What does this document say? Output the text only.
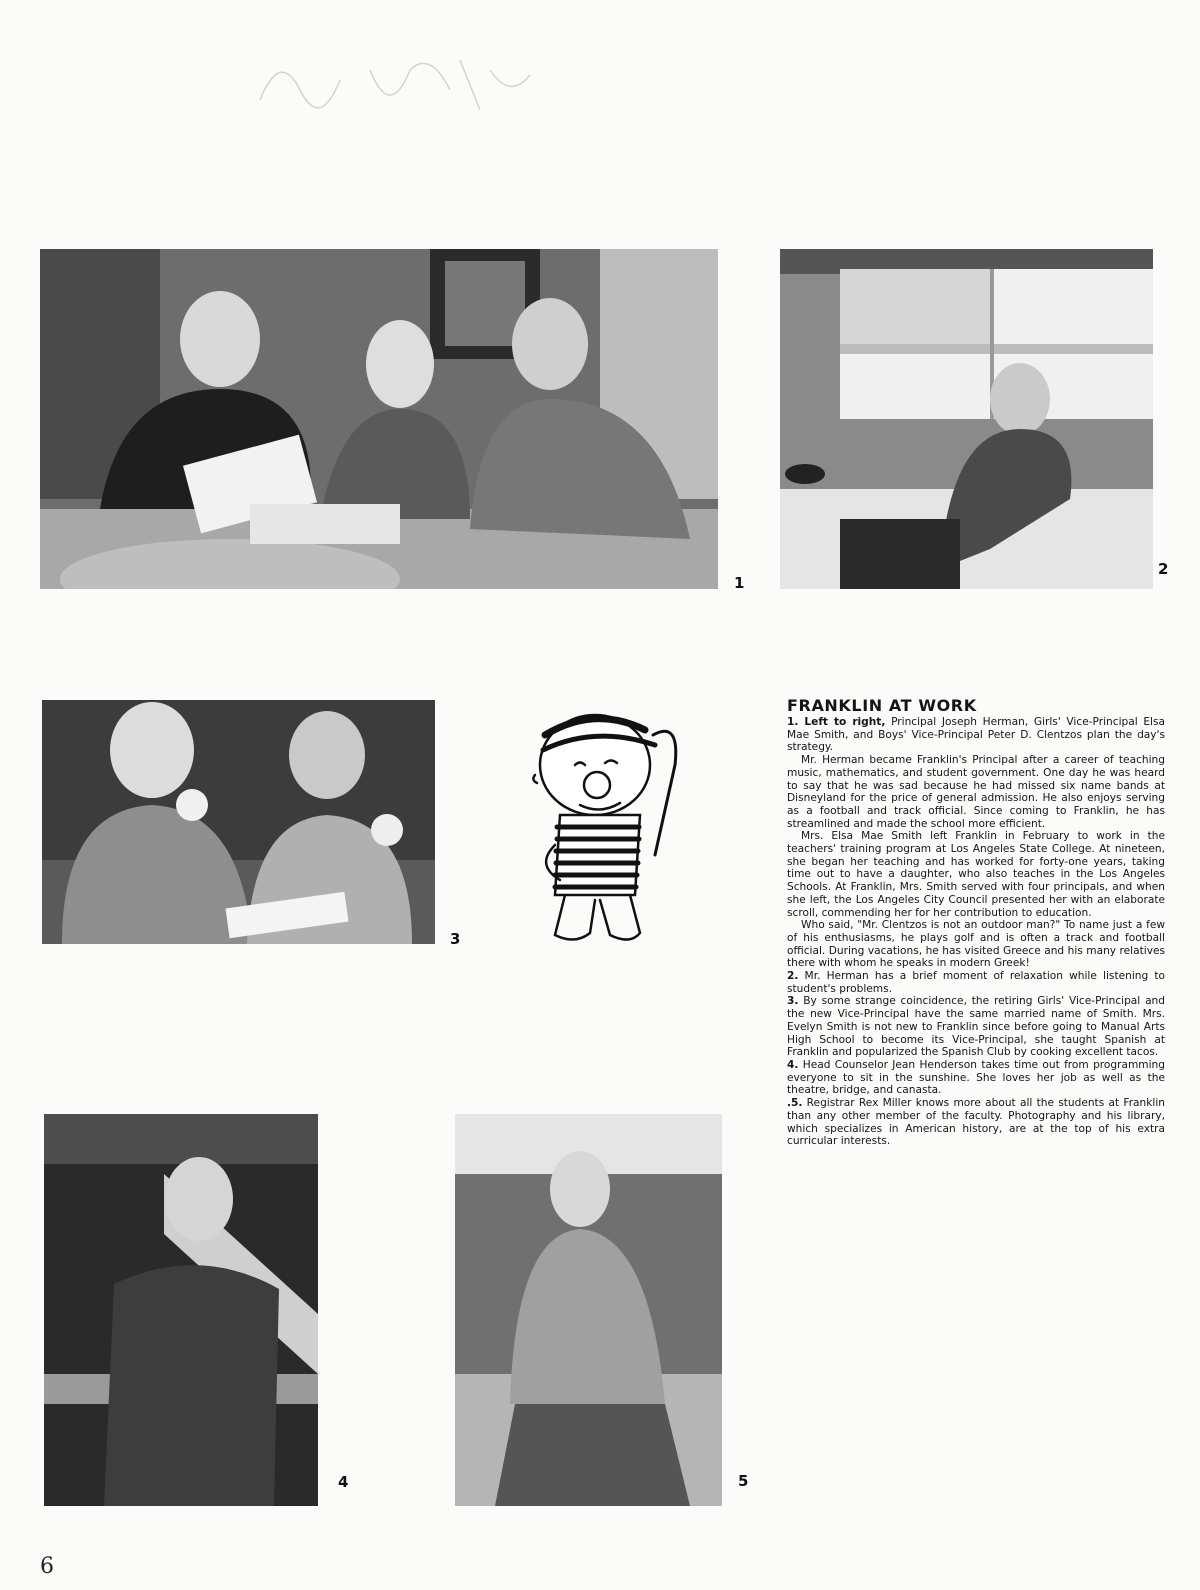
1
2
3
4	5
FRANKLIN AT WORK

1. Left to right, Principal Joseph Herman, Girls' Vice-Principal Elsa Mae Smith, and Boys' Vice-Principal Peter D. Clentzos plan the day's strategy.

Mr. Herman became Franklin's Principal after a career of teaching music, mathematics, and student government. One day he was heard to say that he was sad because he had missed six name bands at Disneyland for the price of general admission. He also enjoys serving as a football and track official. Since coming to Franklin, he has streamlined and made the school more efficient.

Mrs. Elsa Mae Smith left Franklin in February to work in the teachers' training program at Los Angeles State College. At nineteen, she began her teaching and has worked for forty-one years, taking time out to have a daughter, who also teaches in the Los Angeles Schools. At Franklin, Mrs. Smith served with four principals, and when she left, the Los Angeles City Council presented her with an elaborate scroll, commending her for her contribution to education.

Who said, "Mr. Clentzos is not an outdoor man?" To name just a few of his enthusiasms, he plays golf and is often a track and football official. During vacations, he has visited Greece and his many relatives there with whom he speaks in modern Greek!

2. Mr. Herman has a brief moment of relaxation while listening to student's problems.

3. By some strange coincidence, the retiring Girls' Vice-Principal and the new Vice-Principal have the same married name of Smith. Mrs. Evelyn Smith is not new to Franklin since before going to Manual Arts High School to become its Vice-Principal, she taught Spanish at Franklin and popularized the Spanish Club by cooking excellent tacos.

4. Head Counselor Jean Henderson takes time out from programming everyone to sit in the sunshine. She loves her job as well as the theatre, bridge, and canasta.

.5. Registrar Rex Miller knows more about all the students at Franklin than any other member of the faculty. Photography and his library, which specializes in American history, are at the top of his extra curricular interests.

6
